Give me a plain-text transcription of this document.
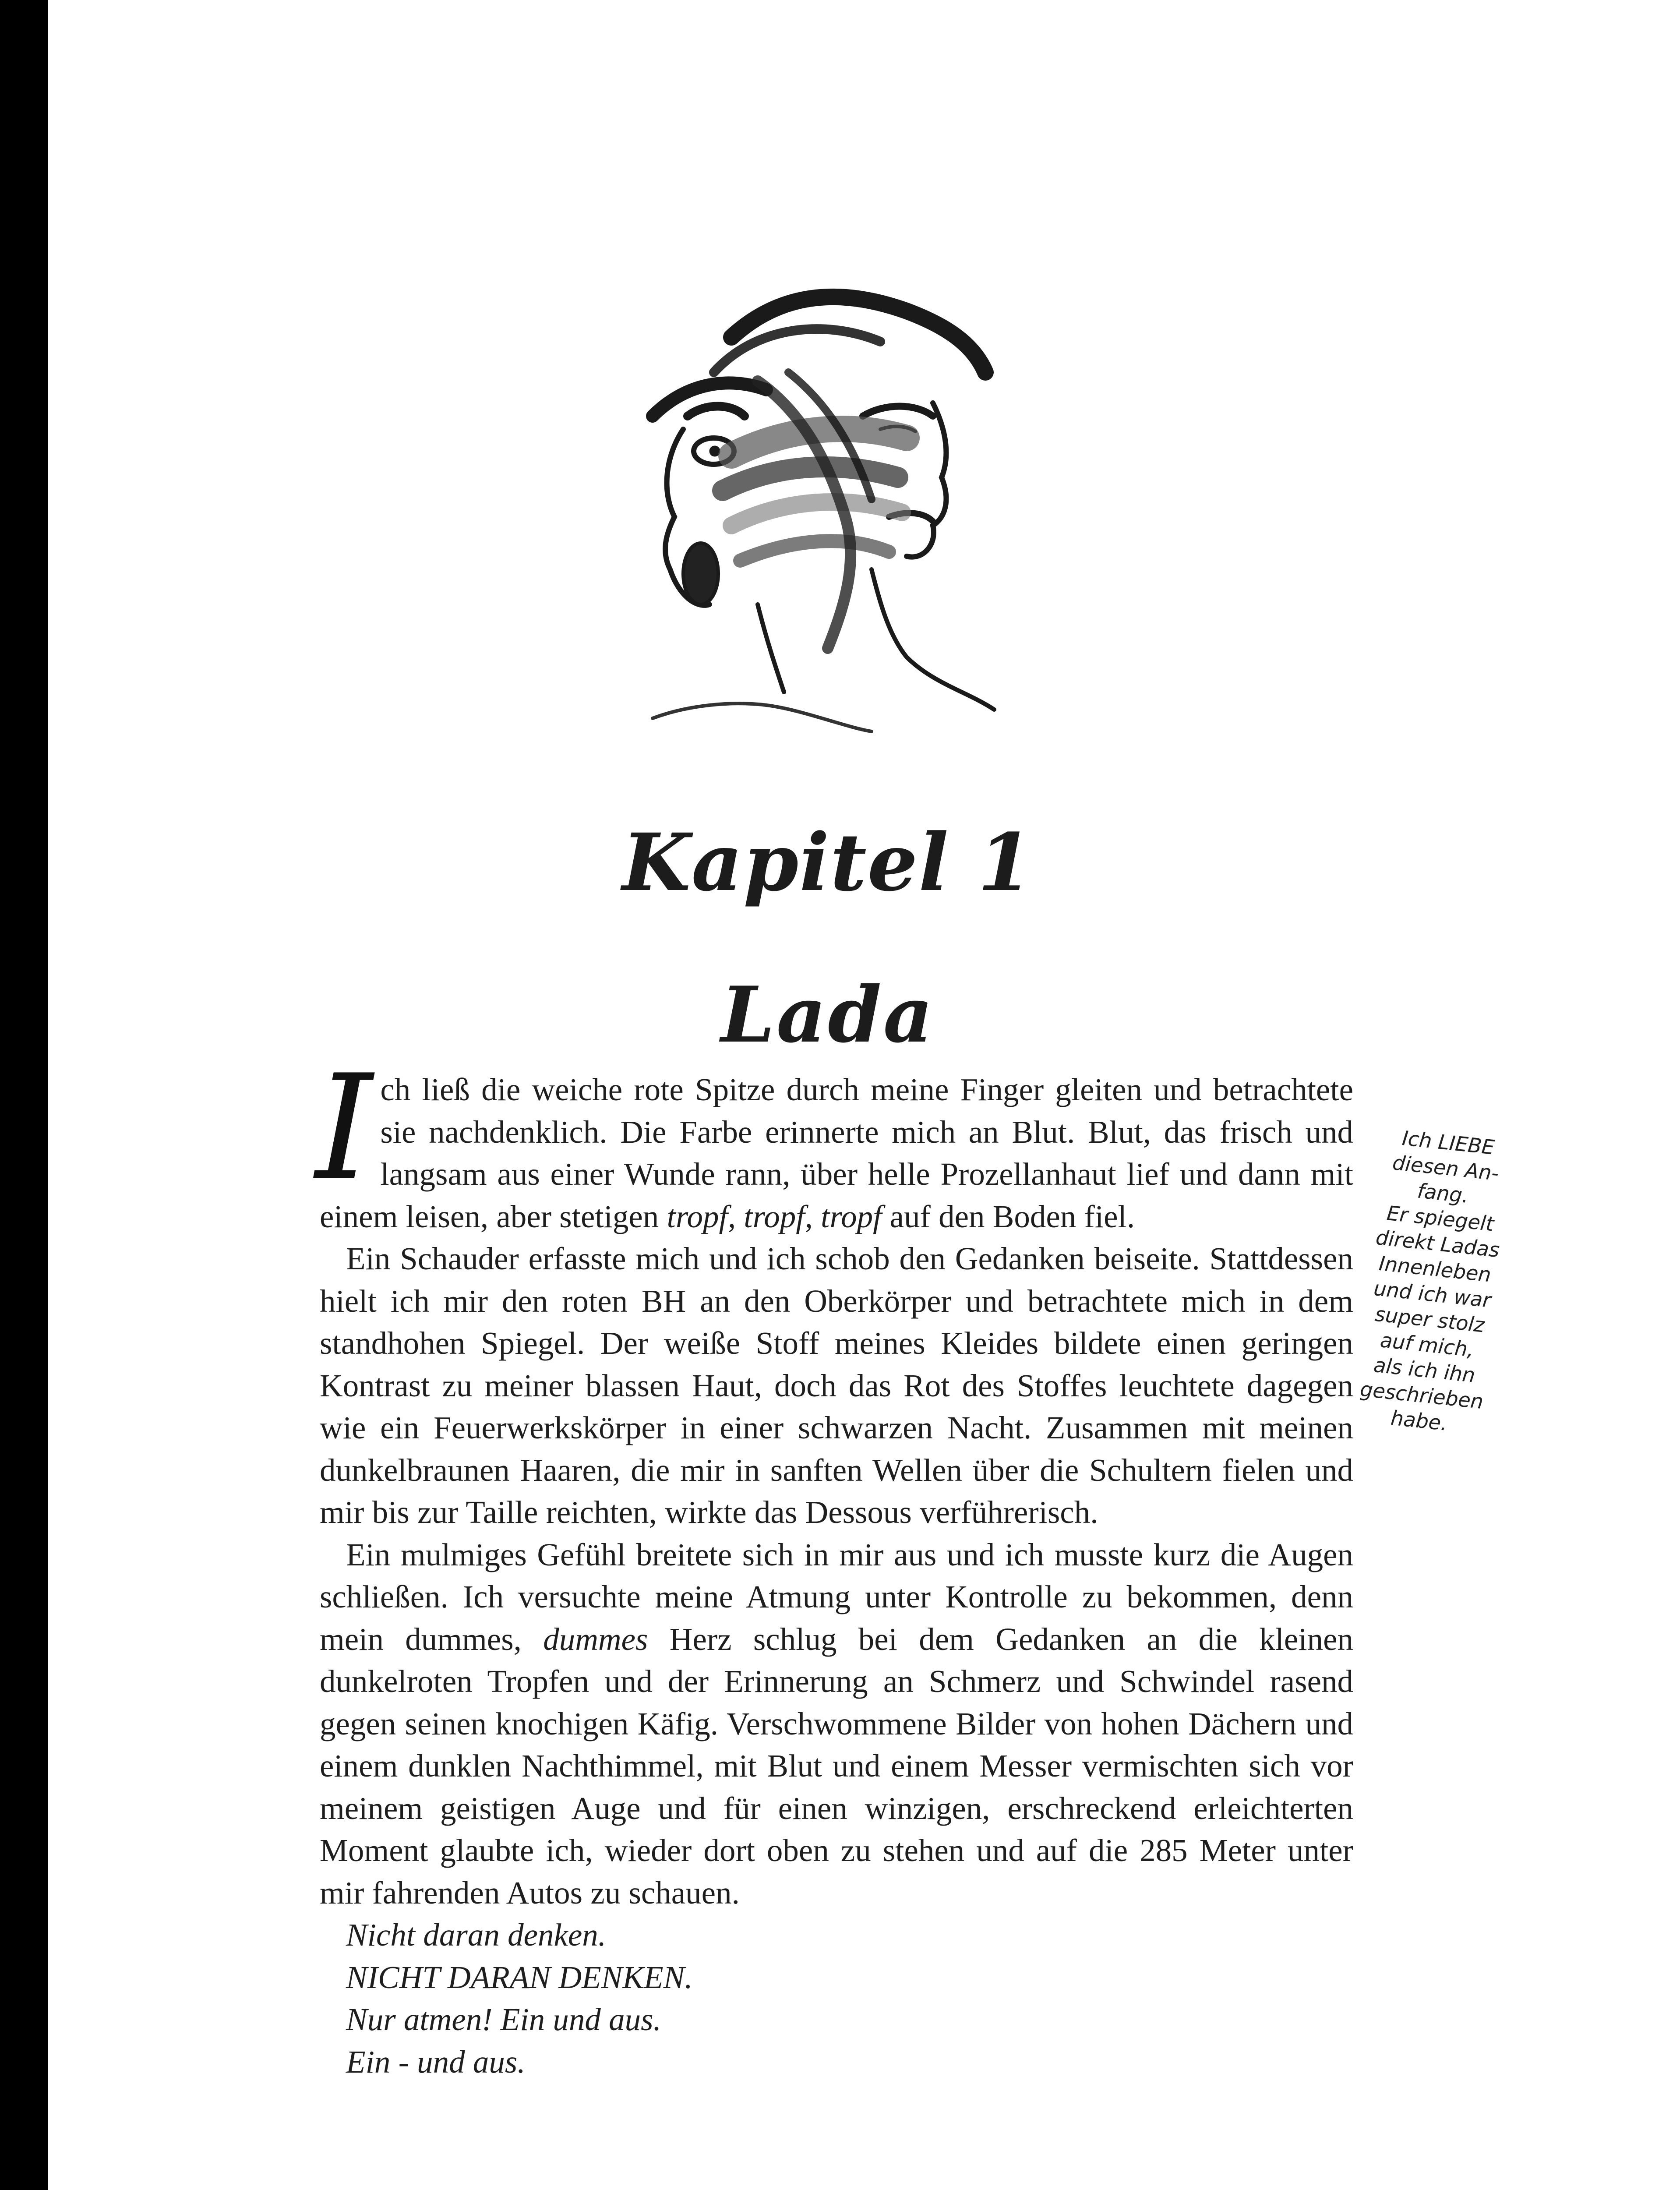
Kapitel 1
Lada

Ich ließ die weiche rote Spitze durch meine Finger gleiten und betrachtete sie nachdenklich. Die Farbe erinnerte mich an Blut. Blut, das frisch und langsam aus einer Wunde rann, über helle Prozellanhaut lief und dann mit einem leisen, aber stetigen tropf, tropf, tropf auf den Boden fiel.

Ein Schauder erfasste mich und ich schob den Gedanken beiseite. Stattdessen hielt ich mir den roten BH an den Oberkörper und betrachtete mich in dem standhohen Spiegel. Der weiße Stoff meines Kleides bildete einen geringen Kontrast zu meiner blassen Haut, doch das Rot des Stoffes leuchtete dagegen wie ein Feuerwerkskörper in einer schwarzen Nacht. Zusammen mit meinen dunkelbraunen Haaren, die mir in sanften Wellen über die Schultern fielen und mir bis zur Taille reichten, wirkte das Dessous verführerisch.

Ein mulmiges Gefühl breitete sich in mir aus und ich musste kurz die Augen schließen. Ich versuchte meine Atmung unter Kontrolle zu bekommen, denn mein dummes, dummes Herz schlug bei dem Gedanken an die kleinen dunkelroten Tropfen und der Erinnerung an Schmerz und Schwindel rasend gegen seinen knochigen Käfig. Verschwommene Bilder von hohen Dächern und einem dunklen Nachthimmel, mit Blut und einem Messer vermischten sich vor meinem geistigen Auge und für einen winzigen, erschreckend erleichterten Moment glaubte ich, wieder dort oben zu stehen und auf die 285 Meter unter mir fahrenden Autos zu schauen.

Nicht daran denken.
NICHT DARAN DENKEN.
Nur atmen! Ein und aus.
Ein - und aus.
Ich LIEBE
diesen An-
fang.
Er spiegelt
direkt Ladas
Innenleben
und ich war
super stolz
auf mich,
als ich ihn
geschrieben
habe.
